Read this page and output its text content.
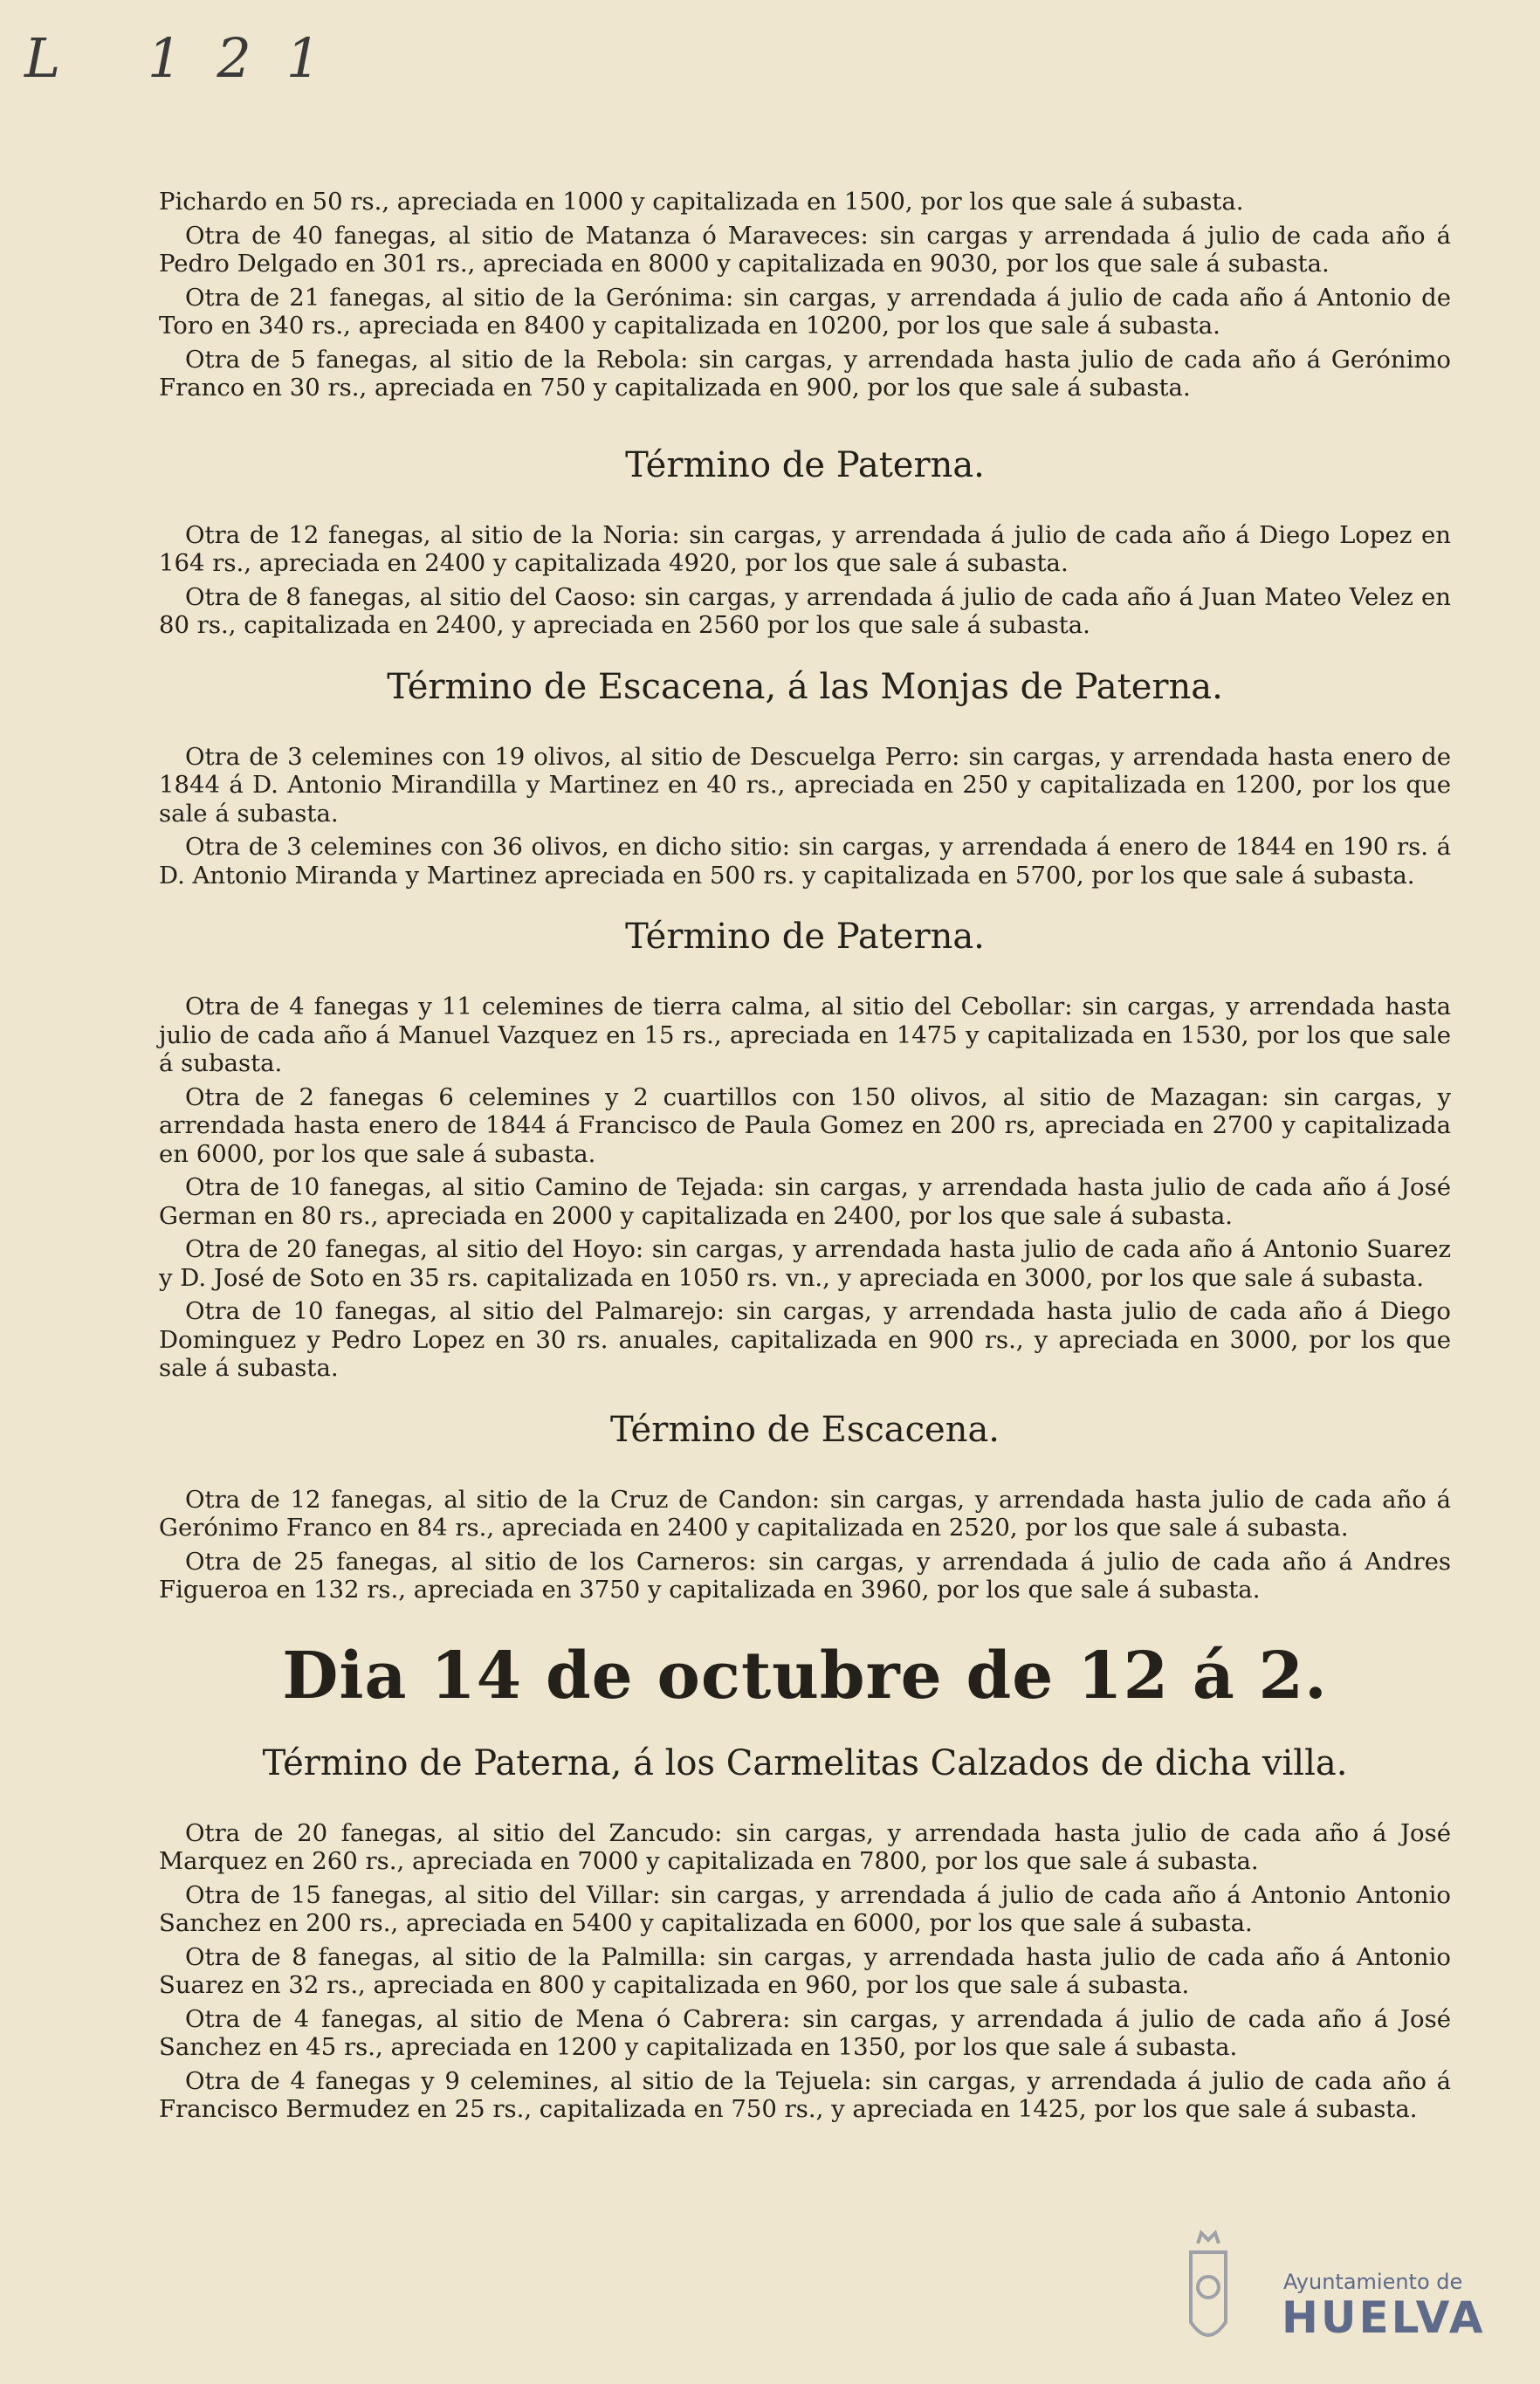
L 121

Pichardo en 50 rs., apreciada en 1000 y capitalizada en 1500, por los que sale á subasta.

Otra de 40 fanegas, al sitio de Matanza ó Maraveces: sin cargas y arrendada á julio de cada año á Pedro Delgado en 301 rs., apreciada en 8000 y capitalizada en 9030, por los que sale á subasta.

Otra de 21 fanegas, al sitio de la Gerónima: sin cargas, y arrendada á julio de cada año á Antonio de Toro en 340 rs., apreciada en 8400 y capitalizada en 10200, por los que sale á subasta.

Otra de 5 fanegas, al sitio de la Rebola: sin cargas, y arrendada hasta julio de cada año á Gerónimo Franco en 30 rs., apreciada en 750 y capitalizada en 900, por los que sale á subasta.

Término de Paterna.

Otra de 12 fanegas, al sitio de la Noria: sin cargas, y arrendada á julio de cada año á Diego Lopez en 164 rs., apreciada en 2400 y capitalizada 4920, por los que sale á subasta.

Otra de 8 fanegas, al sitio del Caoso: sin cargas, y arrendada á julio de cada año á Juan Mateo Velez en 80 rs., capitalizada en 2400, y apreciada en 2560 por los que sale á subasta.

Término de Escacena, á las Monjas de Paterna.

Otra de 3 celemines con 19 olivos, al sitio de Descuelga Perro: sin cargas, y arrendada hasta enero de 1844 á D. Antonio Mirandilla y Martinez en 40 rs., apreciada en 250 y capitalizada en 1200, por los que sale á subasta.

Otra de 3 celemines con 36 olivos, en dicho sitio: sin cargas, y arrendada á enero de 1844 en 190 rs. á D. Antonio Miranda y Martinez apreciada en 500 rs. y capitalizada en 5700, por los que sale á subasta.

Término de Paterna.

Otra de 4 fanegas y 11 celemines de tierra calma, al sitio del Cebollar: sin cargas, y arrendada hasta julio de cada año á Manuel Vazquez en 15 rs., apreciada en 1475 y capitalizada en 1530, por los que sale á subasta.

Otra de 2 fanegas 6 celemines y 2 cuartillos con 150 olivos, al sitio de Mazagan: sin cargas, y arrendada hasta enero de 1844 á Francisco de Paula Gomez en 200 rs, apreciada en 2700 y capitalizada en 6000, por los que sale á subasta.

Otra de 10 fanegas, al sitio Camino de Tejada: sin cargas, y arrendada hasta julio de cada año á José German en 80 rs., apreciada en 2000 y capitalizada en 2400, por los que sale á subasta.

Otra de 20 fanegas, al sitio del Hoyo: sin cargas, y arrendada hasta julio de cada año á Antonio Suarez y D. José de Soto en 35 rs. capitalizada en 1050 rs. vn., y apreciada en 3000, por los que sale á subasta.

Otra de 10 fanegas, al sitio del Palmarejo: sin cargas, y arrendada hasta julio de cada año á Diego Dominguez y Pedro Lopez en 30 rs. anuales, capitalizada en 900 rs., y apreciada en 3000, por los que sale á subasta.

Término de Escacena.

Otra de 12 fanegas, al sitio de la Cruz de Candon: sin cargas, y arrendada hasta julio de cada año á Gerónimo Franco en 84 rs., apreciada en 2400 y capitalizada en 2520, por los que sale á subasta.

Otra de 25 fanegas, al sitio de los Carneros: sin cargas, y arrendada á julio de cada año á Andres Figueroa en 132 rs., apreciada en 3750 y capitalizada en 3960, por los que sale á subasta.

Dia 14 de octubre de 12 á 2.
Término de Paterna, á los Carmelitas Calzados de dicha villa.

Otra de 20 fanegas, al sitio del Zancudo: sin cargas, y arrendada hasta julio de cada año á José Marquez en 260 rs., apreciada en 7000 y capitalizada en 7800, por los que sale á subasta.

Otra de 15 fanegas, al sitio del Villar: sin cargas, y arrendada á julio de cada año á Antonio Antonio Sanchez en 200 rs., apreciada en 5400 y capitalizada en 6000, por los que sale á subasta.

Otra de 8 fanegas, al sitio de la Palmilla: sin cargas, y arrendada hasta julio de cada año á Antonio Suarez en 32 rs., apreciada en 800 y capitalizada en 960, por los que sale á subasta.

Otra de 4 fanegas, al sitio de Mena ó Cabrera: sin cargas, y arrendada á julio de cada año á José Sanchez en 45 rs., apreciada en 1200 y capitalizada en 1350, por los que sale á subasta.

Otra de 4 fanegas y 9 celemines, al sitio de la Tejuela: sin cargas, y arrendada á julio de cada año á Francisco Bermudez en 25 rs., capitalizada en 750 rs., y apreciada en 1425, por los que sale á subasta.

Ayuntamiento de
HUELVA
